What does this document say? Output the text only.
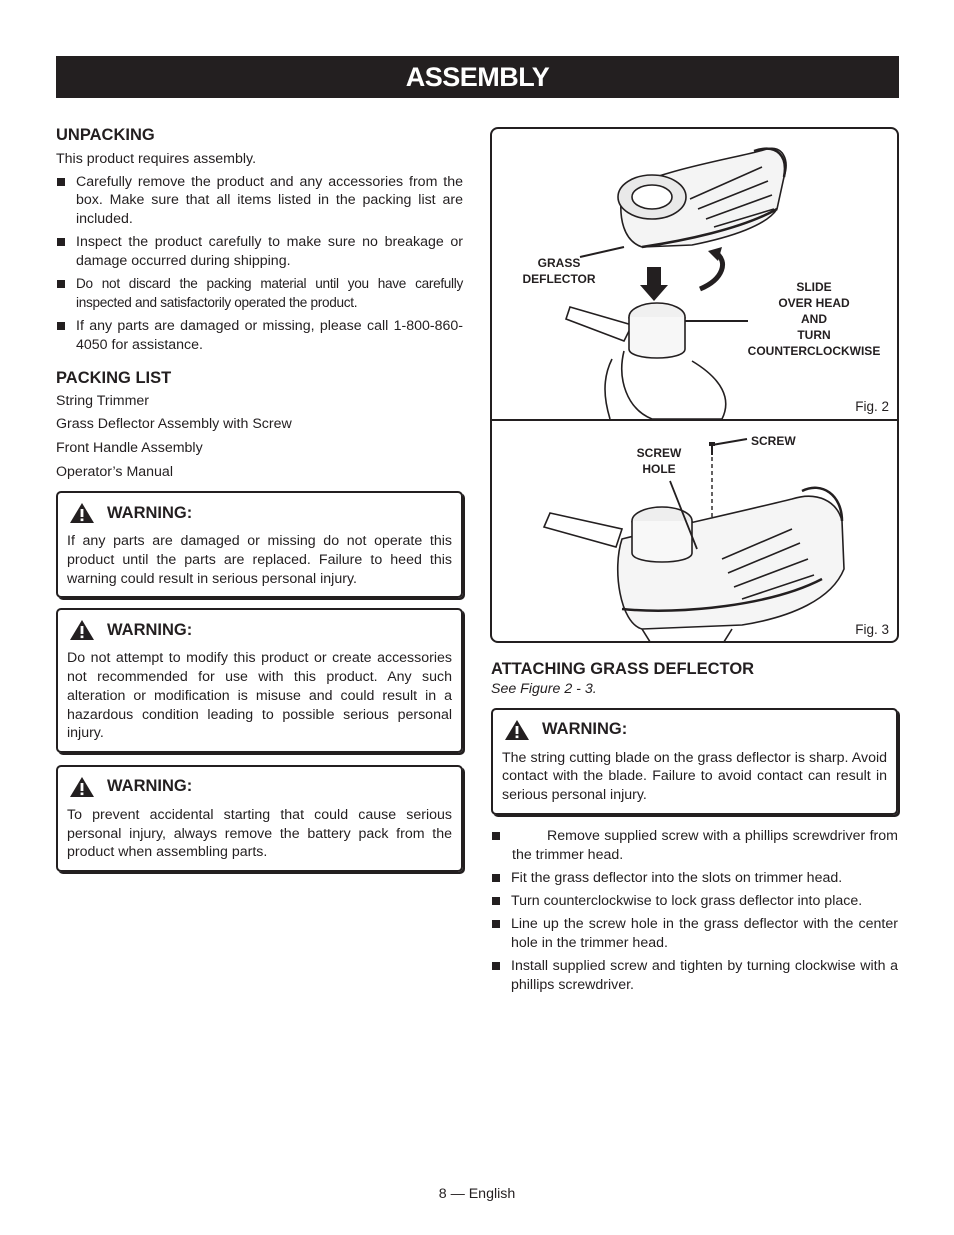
ASSEMBLY
UNPACKING

This product requires assembly.

Carefully remove the product and any accessories from the box. Make sure that all items listed in the packing list are included.
Inspect the product carefully to make sure no breakage or damage occurred during shipping.
Do not discard the packing material until you have carefully inspected and satisfactorily operated the product.
If any parts are damaged or missing, please call 1-800-860-4050 for assistance.
PACKING LIST

String Trimmer

Grass Deflector Assembly with Screw

Front Handle Assembly

Operator’s Manual

WARNING:

If any parts are damaged or missing do not operate this product until the parts are replaced. Failure to heed this warning could result in serious personal injury.

WARNING:

Do not attempt to modify this product or create accessories not recommended for use with this product. Any such alteration or modification is misuse and could result in a hazardous condition leading to possible serious personal injury.

WARNING:

To prevent accidental starting that could cause serious personal injury, always remove the battery pack from the product when assembling parts.

GRASS
DEFLECTOR
SLIDE
OVER HEAD
AND
TURN
COUNTERCLOCKWISE
Fig. 2
SCREW
HOLE
SCREW
Fig. 3
ATTACHING GRASS DEFLECTOR

See Figure 2 - 3.

WARNING:

The string cutting blade on the grass deflector is sharp. Avoid contact with the blade. Failure to avoid contact can result in serious personal injury.

Remove supplied screw with a phillips screwdriver from the trimmer head.
Fit the grass deflector into the slots on trimmer head.
Turn counterclockwise to lock grass deflector into place.
Line up the screw hole in the grass deflector with the center hole in the trimmer head.
Install supplied screw and tighten by turning clockwise with a phillips screwdriver.
8 — English
